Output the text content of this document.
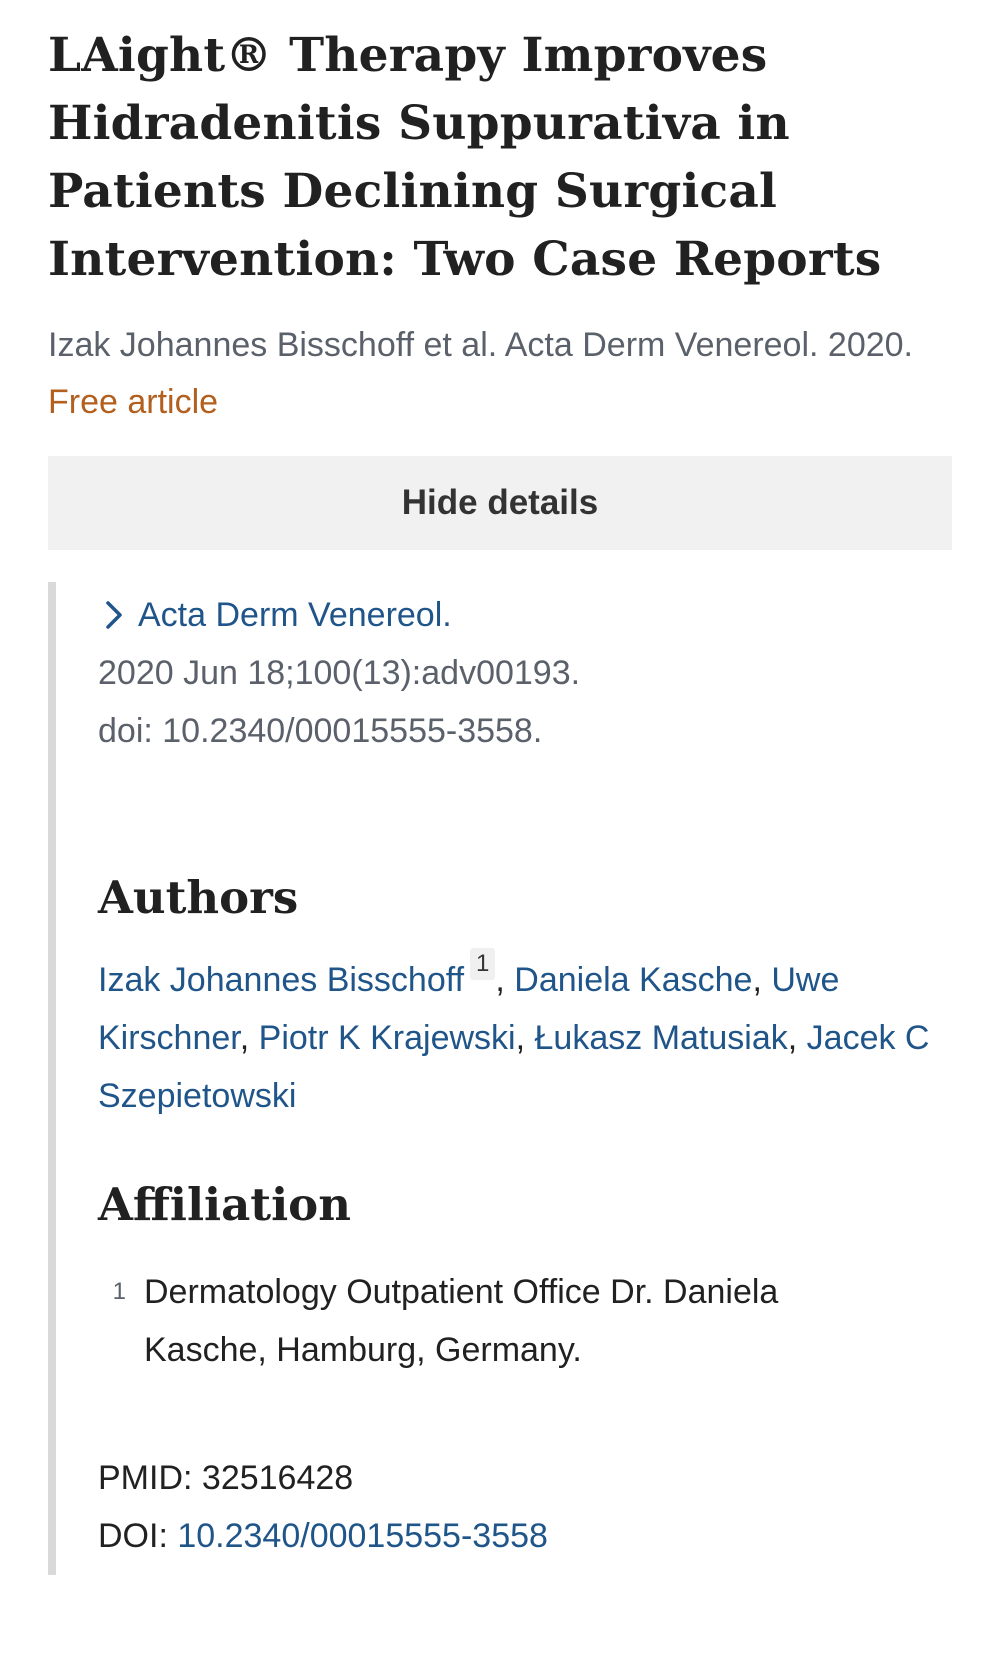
LAight® Therapy Improves Hidradenitis Suppurativa in Patients Declining Surgical Intervention: Two Case Reports
Izak Johannes Bisschoff et al. Acta Derm Venereol. 2020.
Free article
Hide details
Acta Derm Venereol.
2020 Jun 18;100(13):adv00193.
doi: 10.2340/00015555-3558.
Authors
Izak Johannes Bisschoff 1 , Daniela Kasche, Uwe Kirschner, Piotr K Krajewski, Łukasz Matusiak, Jacek C Szepietowski
Affiliation
1 Dermatology Outpatient Office Dr. Daniela Kasche, Hamburg, Germany.
PMID: 32516428
DOI: 10.2340/00015555-3558
